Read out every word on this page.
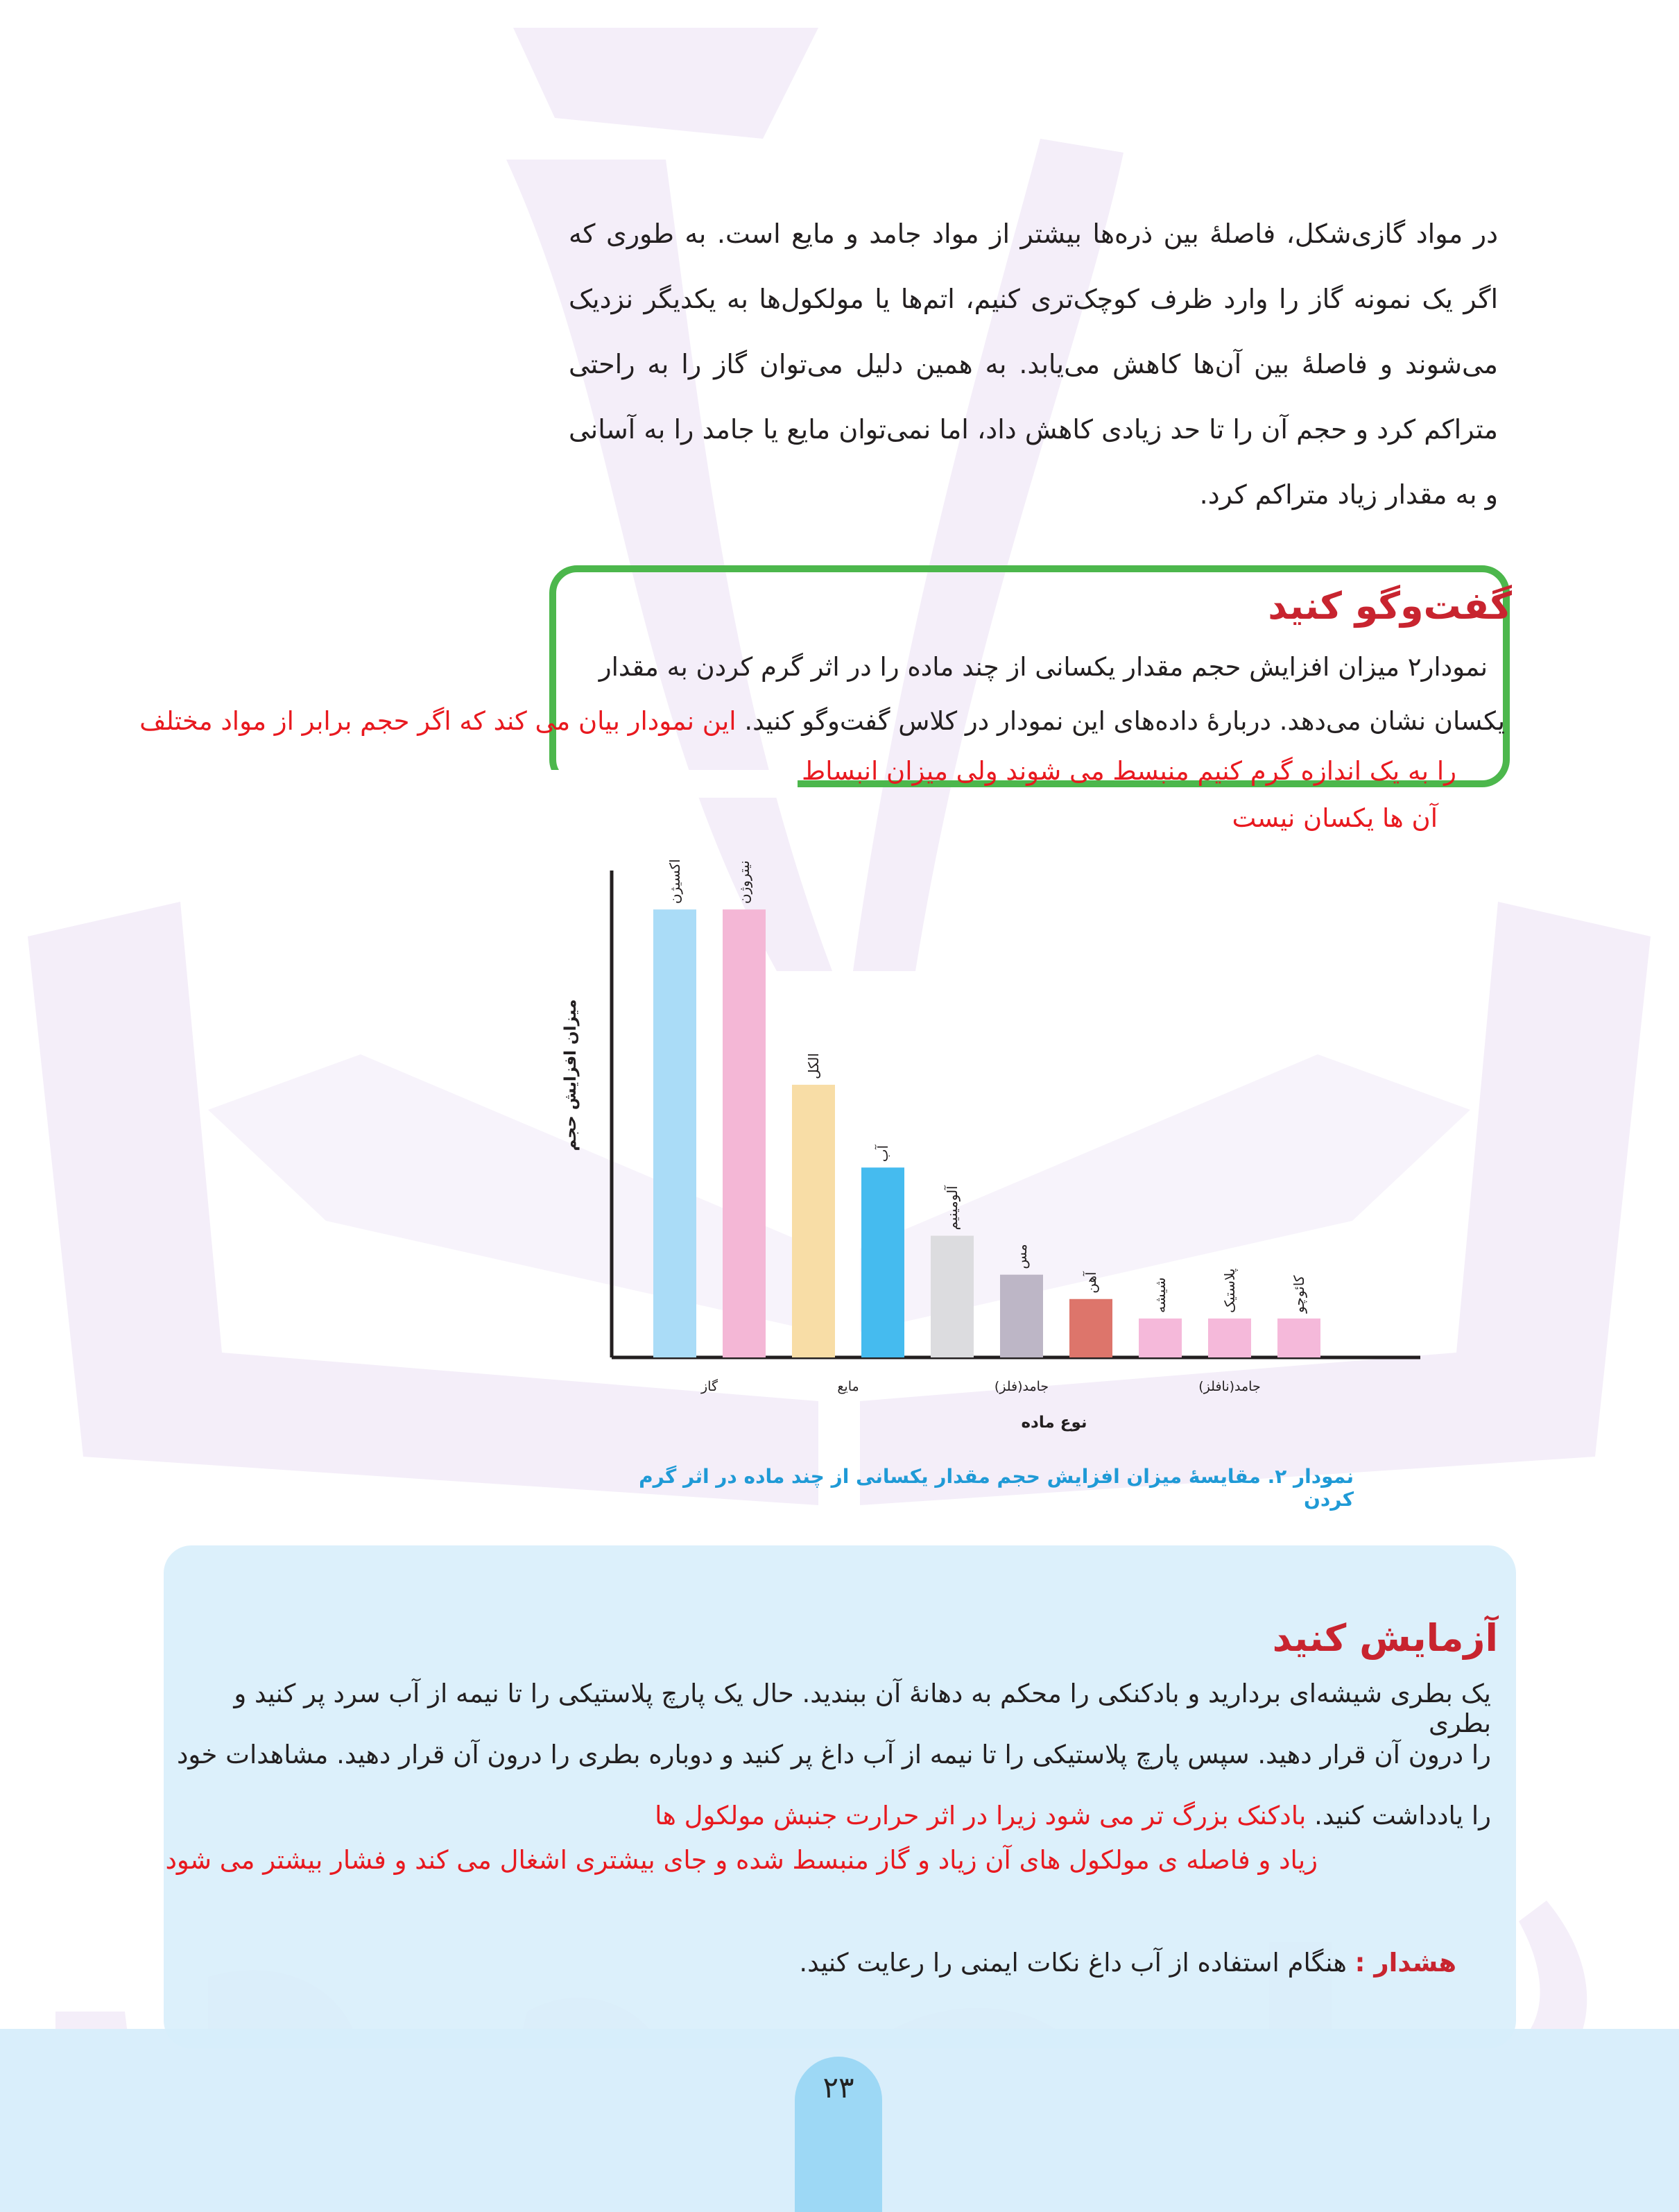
۲۳
در مواد گازی‌شکل، فاصلهٔ بین ذره‌ها بیشتر از مواد جامد و مایع است. به طوری که اگر یک نمونه گاز را وارد ظرف کوچک‌تری کنیم، اتم‌ها یا مولکول‌ها به یکدیگر نزدیک می‌شوند و فاصلهٔ بین آن‌ها کاهش می‌یابد. به همین دلیل می‌توان گاز را به راحتی متراکم کرد و حجم آن را تا حد زیادی کاهش داد، اما نمی‌توان مایع یا جامد را به آسانی و به مقدار زیاد متراکم کرد.
گفت‌وگو کنید
نمودار۲ میزان افزایش حجم مقدار یکسانی از چند ماده را در اثر گرم کردن به مقدار
یکسان نشان می‌دهد. دربارهٔ داده‌های این نمودار در کلاس گفت‌وگو کنید. این نمودار بیان می کند که اگر حجم برابر از مواد مختلف
را به یک اندازه گرم کنیم منبسط می شوند ولی میزان انبساط
آن ها یکسان نیست
میزان افزایش حجم
نوع ماده
اکسیژن	نیتروژن
الکل
آب
آلومینیم
مس
آهن	شیشه	پلاستیک	کائوچو
گاز	مایع	جامد(فلز)	جامد(نافلز)
نمودار ۲. مقایسهٔ میزان افزایش حجم مقدار یکسانی از چند ماده در اثر گرم کردن
آزمایش کنید
یک بطری شیشه‌ای بردارید و بادکنکی را محکم به دهانهٔ آن ببندید. حال یک پارچ پلاستیکی را تا نیمه از آب سرد پر کنید و بطری
را درون آن قرار دهید. سپس پارچ پلاستیکی را تا نیمه از آب داغ پر کنید و دوباره بطری را درون آن قرار دهید. مشاهدات خود
را یادداشت کنید. بادکنک بزرگ تر می شود زیرا در اثر حرارت جنبش مولکول ها
زیاد و فاصله ی مولکول های آن زیاد و گاز منبسط شده و جای بیشتری اشغال می کند و فشار بیشتر می شود
هشدار : هنگام استفاده از آب داغ نکات ایمنی را رعایت کنید.
